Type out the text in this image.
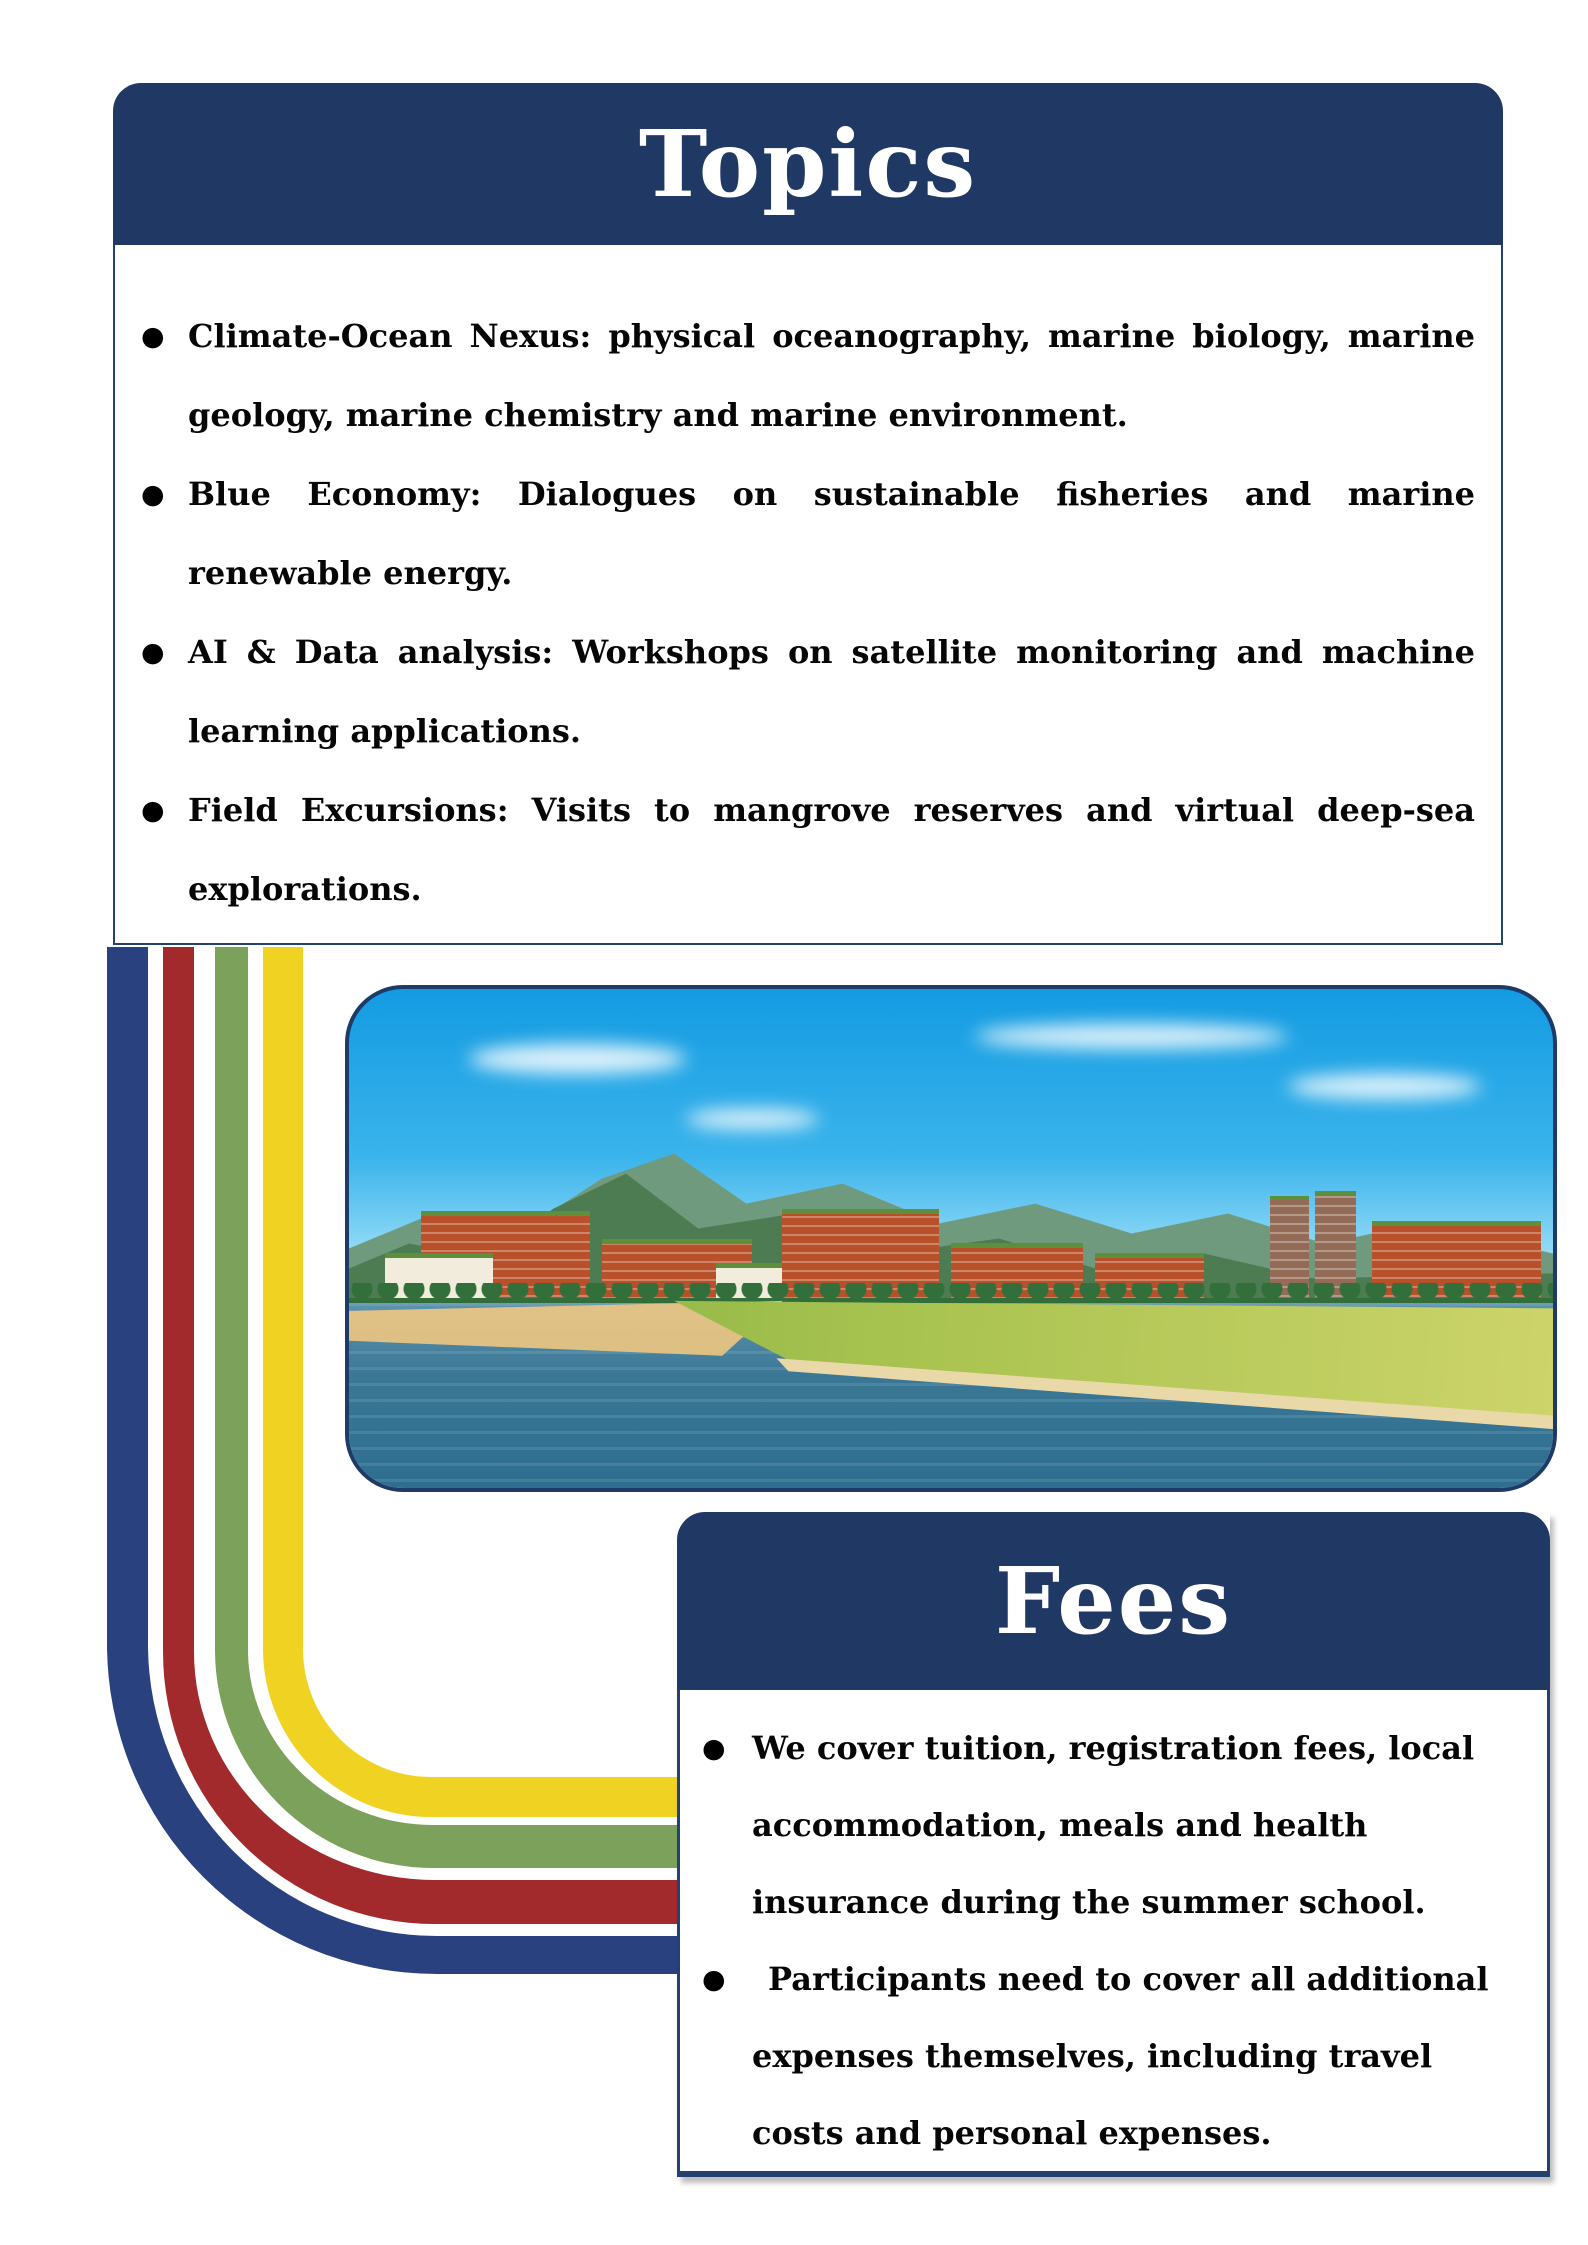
Topics
● Climate-Ocean Nexus: physical oceanography, marine biology, marine
geology, marine chemistry and marine environment.
● Blue Economy: Dialogues on sustainable fisheries and marine
renewable energy.
● AI & Data analysis: Workshops on satellite monitoring and machine
learning applications.
● Field Excursions: Visits to mangrove reserves and virtual deep-sea
explorations.
Fees
● We cover tuition, registration fees, local
accommodation, meals and health
insurance during the summer school.
●	Participants need to cover all additional
expenses themselves, including travel
costs and personal expenses.
